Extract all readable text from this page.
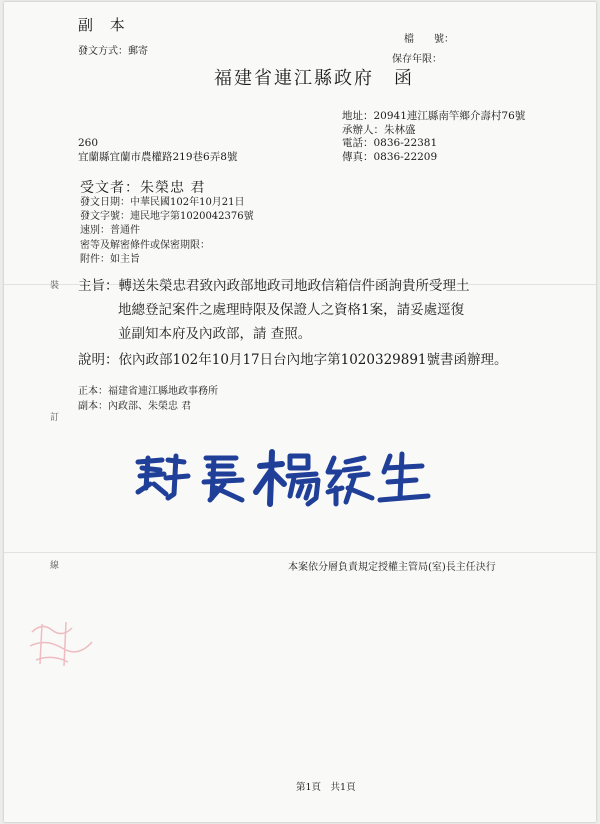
副 本
發文方式：郵寄
檔　　號：
保存年限：
福建省連江縣政府　函
地址：20941連江縣南竿鄉介壽村76號
承辦人：朱林盛
電話：0836-22381
傳真：0836-22209
260
宜蘭縣宜蘭市農權路219巷6弄8號
受文者：朱榮忠 君
發文日期：中華民國102年10月21日
發文字號：連民地字第1020042376號
速別：普通件
密等及解密條件或保密期限：
附件：如主旨
裝
訂
線
主旨：轉送朱榮忠君致內政部地政司地政信箱信件函詢貴所受理土
地總登記案件之處理時限及保證人之資格1案，請妥處逕復
並副知本府及內政部，請 查照。
說明：依內政部102年10月17日台內地字第1020329891號書函辦理。
正本：福建省連江縣地政事務所
副本：內政部、朱榮忠 君
本案依分層負責規定授權主管局(室)長主任決行
第1頁　共1頁
